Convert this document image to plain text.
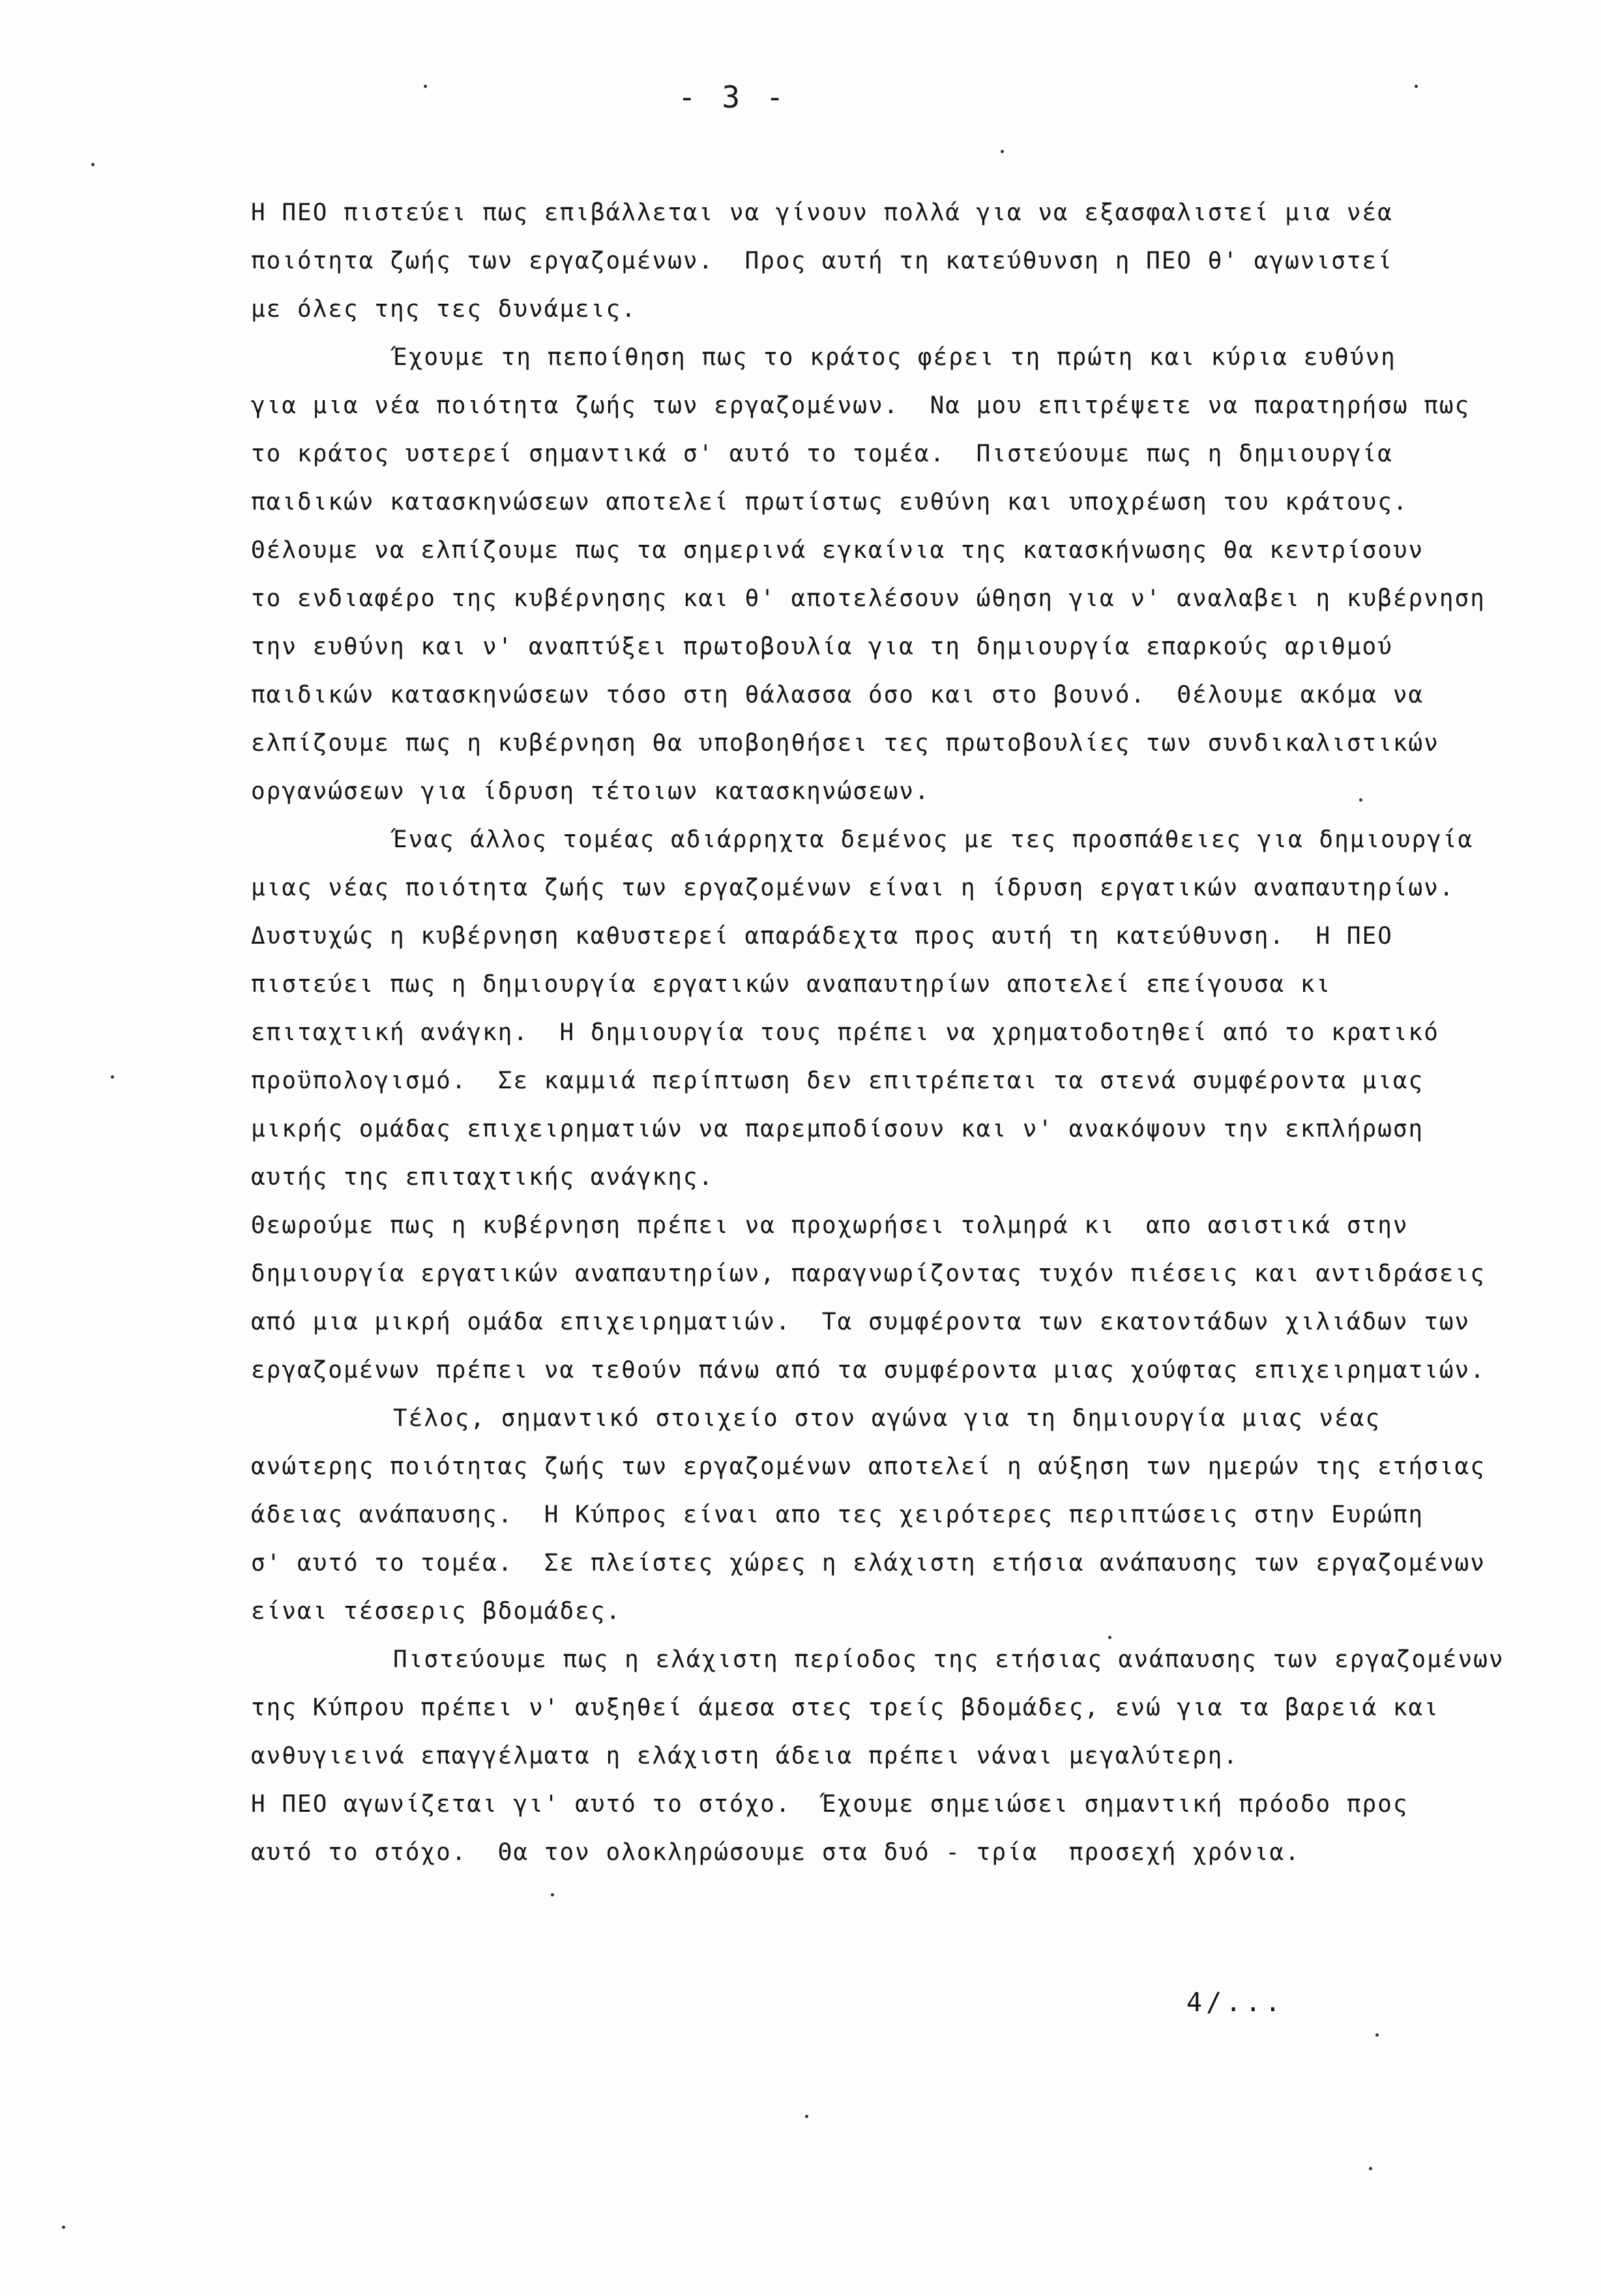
- 3 -
Η ΠΕΟ πιστεύει πως επιβάλλεται να γίνουν πολλά για να εξασφαλιστεί μια νέα
ποιότητα ζωής των εργαζομένων.  Προς αυτή τη κατεύθυνση η ΠΕΟ θ' αγωνιστεί
με όλες της τες δυνάμεις.
Έχουμε τη πεποίθηση πως το κράτος φέρει τη πρώτη και κύρια ευθύνη
για μια νέα ποιότητα ζωής των εργαζομένων.  Να μου επιτρέψετε να παρατηρήσω πως
το κράτος υστερεί σημαντικά σ' αυτό το τομέα.  Πιστεύουμε πως η δημιουργία
παιδικών κατασκηνώσεων αποτελεί πρωτίστως ευθύνη και υποχρέωση του κράτους.
Θέλουμε να ελπίζουμε πως τα σημερινά εγκαίνια της κατασκήνωσης θα κεντρίσουν
το ενδιαφέρο της κυβέρνησης και θ' αποτελέσουν ώθηση για ν' αναλαβει η κυβέρνηση
την ευθύνη και ν' αναπτύξει πρωτοβουλία για τη δημιουργία επαρκούς αριθμού
παιδικών κατασκηνώσεων τόσο στη θάλασσα όσο και στο βουνό.  Θέλουμε ακόμα να
ελπίζουμε πως η κυβέρνηση θα υποβοηθήσει τες πρωτοβουλίες των συνδικαλιστικών
οργανώσεων για ίδρυση τέτοιων κατασκηνώσεων.
Ένας άλλος τομέας αδιάρρηχτα δεμένος με τες προσπάθειες για δημιουργία
μιας νέας ποιότητα ζωής των εργαζομένων είναι η ίδρυση εργατικών αναπαυτηρίων.
Δυστυχώς η κυβέρνηση καθυστερεί απαράδεχτα προς αυτή τη κατεύθυνση.  Η ΠΕΟ
πιστεύει πως η δημιουργία εργατικών αναπαυτηρίων αποτελεί επείγουσα κι
επιταχτική ανάγκη.  Η δημιουργία τους πρέπει να χρηματοδοτηθεί από το κρατικό
προϋπολογισμό.  Σε καμμιά περίπτωση δεν επιτρέπεται τα στενά συμφέροντα μιας
μικρής ομάδας επιχειρηματιών να παρεμποδίσουν και ν' ανακόψουν την εκπλήρωση
αυτής της επιταχτικής ανάγκης.
Θεωρούμε πως η κυβέρνηση πρέπει να προχωρήσει τολμηρά κι  απο ασιστικά στην
δημιουργία εργατικών αναπαυτηρίων, παραγνωρίζοντας τυχόν πιέσεις και αντιδράσεις
από μια μικρή ομάδα επιχειρηματιών.  Τα συμφέροντα των εκατοντάδων χιλιάδων των
εργαζομένων πρέπει να τεθούν πάνω από τα συμφέροντα μιας χούφτας επιχειρηματιών.
Τέλος, σημαντικό στοιχείο στον αγώνα για τη δημιουργία μιας νέας
ανώτερης ποιότητας ζωής των εργαζομένων αποτελεί η αύξηση των ημερών της ετήσιας
άδειας ανάπαυσης.  Η Κύπρος είναι απο τες χειρότερες περιπτώσεις στην Ευρώπη
σ' αυτό το τομέα.  Σε πλείστες χώρες η ελάχιστη ετήσια ανάπαυσης των εργαζομένων
είναι τέσσερις βδομάδες.
Πιστεύουμε πως η ελάχιστη περίοδος της ετήσιας ανάπαυσης των εργαζομένων
της Κύπρου πρέπει ν' αυξηθεί άμεσα στες τρείς βδομάδες, ενώ για τα βαρειά και
ανθυγιεινά επαγγέλματα η ελάχιστη άδεια πρέπει νάναι μεγαλύτερη.
Η ΠΕΟ αγωνίζεται γι' αυτό το στόχο.  Έχουμε σημειώσει σημαντική πρόοδο προς
αυτό το στόχο.  Θα τον ολοκληρώσουμε στα δυό - τρία  προσεχή χρόνια.
4/...
